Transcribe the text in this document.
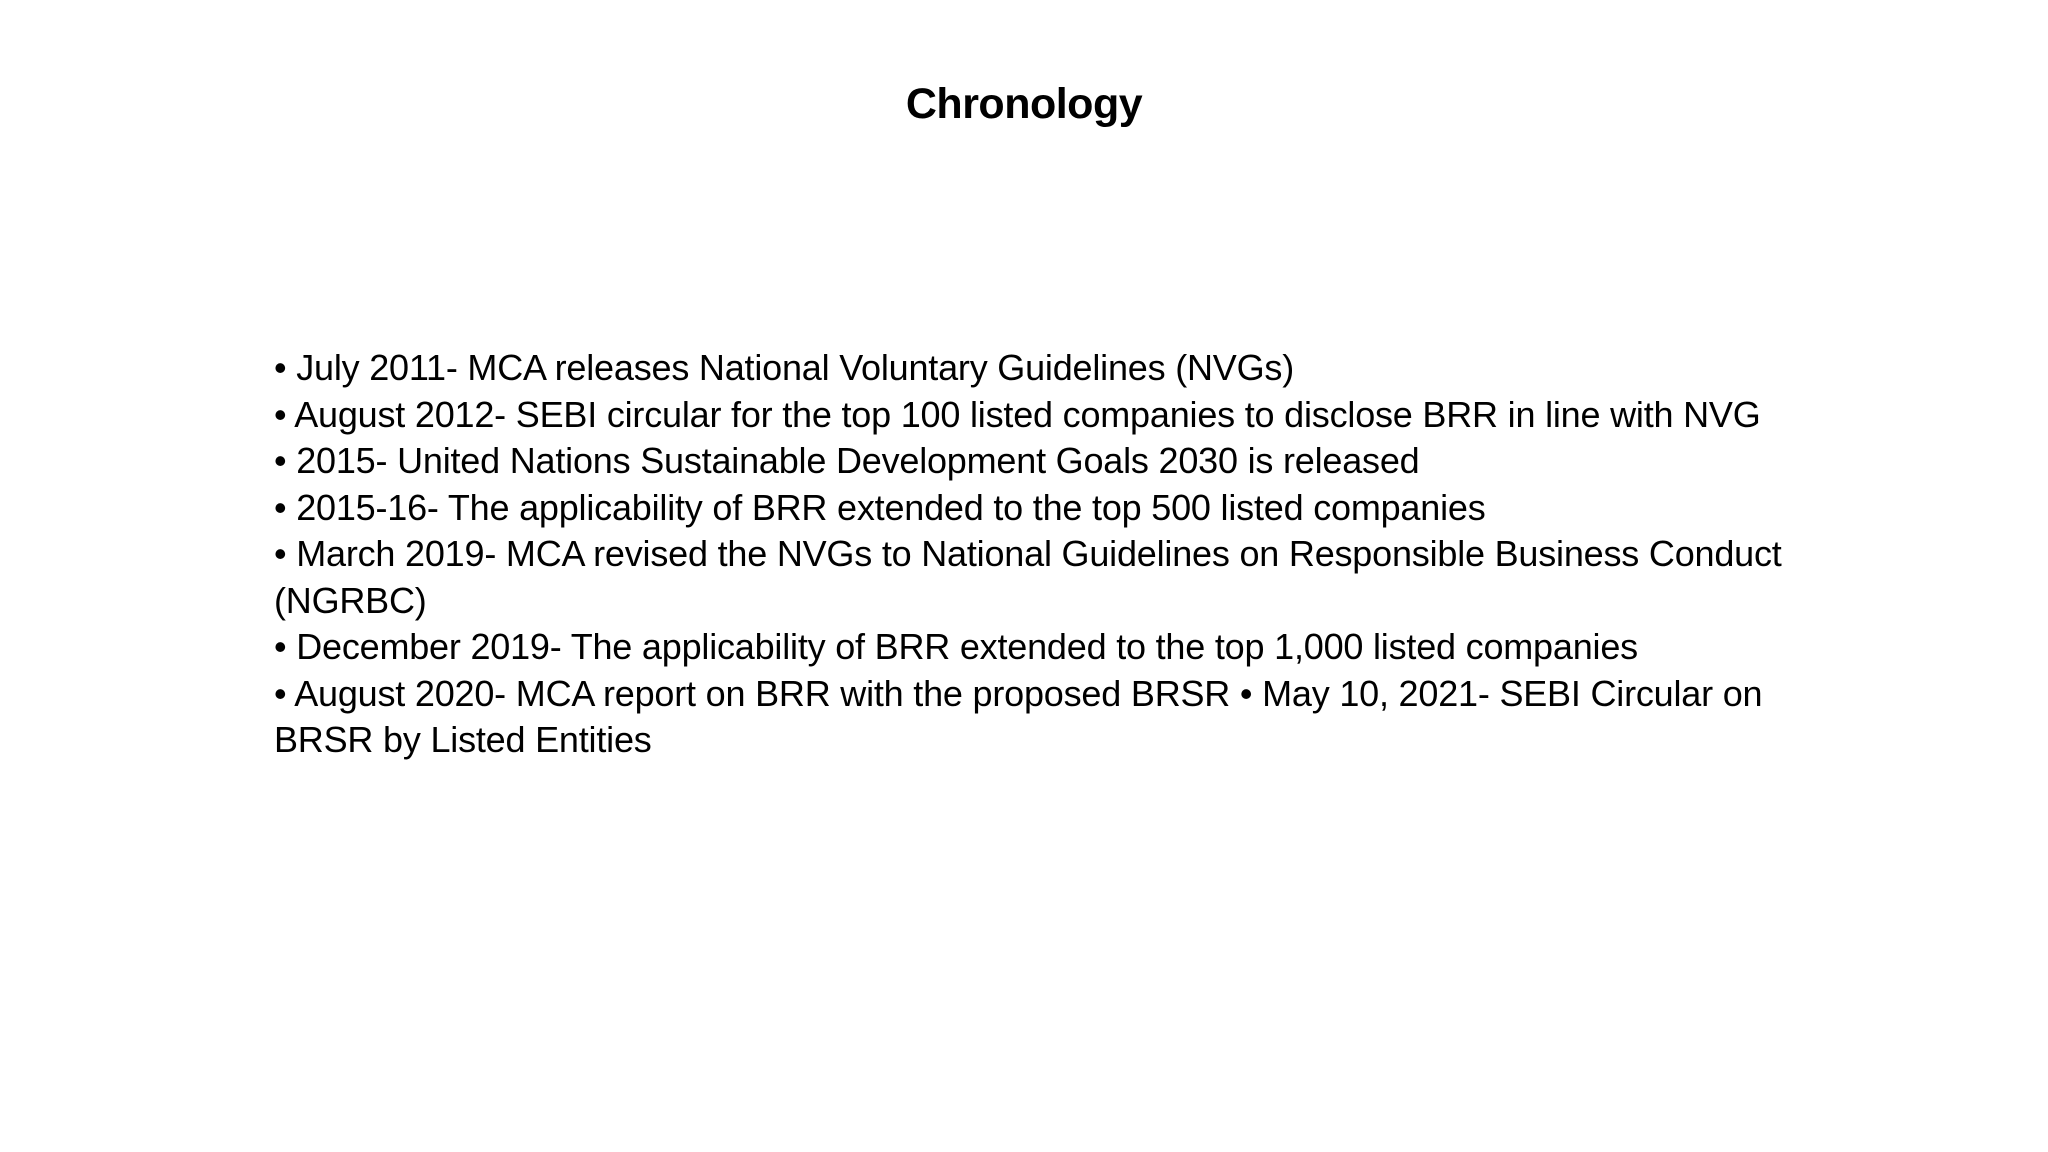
Chronology

• July 2011- MCA releases National Voluntary Guidelines (NVGs)

• August 2012- SEBI circular for the top 100 listed companies to disclose BRR in line with NVG

• 2015- United Nations Sustainable Development Goals 2030 is released

• 2015-16- The applicability of BRR extended to the top 500 listed companies

• March 2019- MCA revised the NVGs to National Guidelines on Responsible Business Conduct (NGRBC)

• December 2019- The applicability of BRR extended to the top 1,000 listed companies

• August 2020- MCA report on BRR with the proposed BRSR • May 10, 2021- SEBI Circular on BRSR by Listed Entities
